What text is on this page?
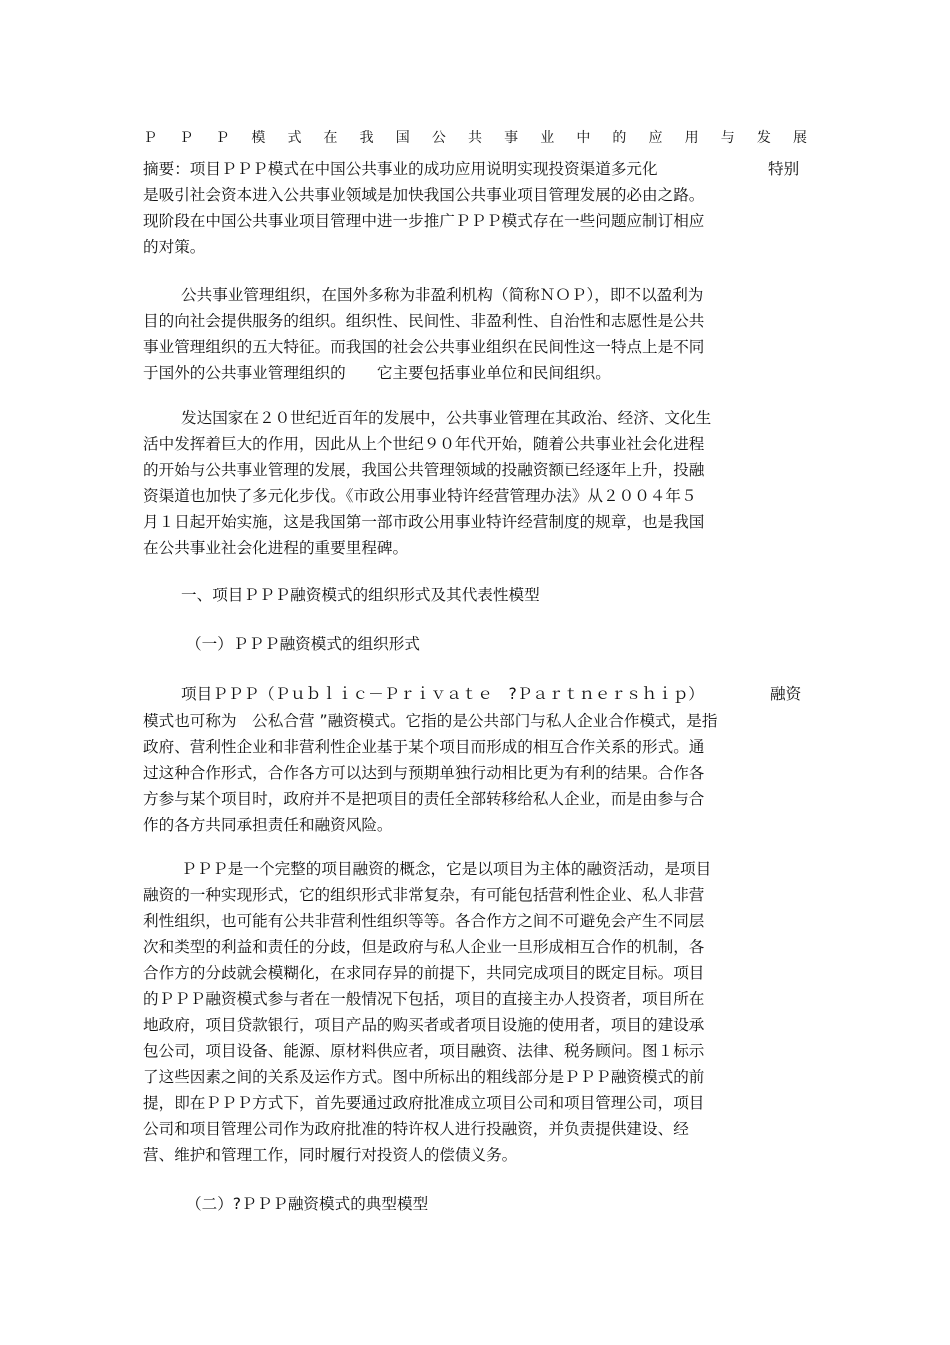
Ｐ Ｐ Ｐ 模 式 在 我 国 公 共 事 业 中 的 应 用 与 发 展
摘要：项目ＰＰＰ模式在中国公共事业的成功应用说明实现投资渠道多元化	特别
是吸引社会资本进入公共事业领域是加快我国公共事业项目管理发展的必由之路。
现阶段在中国公共事业项目管理中进一步推广ＰＰＰ模式存在一些问题应制订相应
的对策。
公共事业管理组织，在国外多称为非盈利机构（简称ＮＯＰ），即不以盈利为
目的向社会提供服务的组织。组织性、民间性、非盈利性、自治性和志愿性是公共
事业管理组织的五大特征。而我国的社会公共事业组织在民间性这一特点上是不同
于国外的公共事业管理组织的　　它主要包括事业单位和民间组织。
发达国家在２０世纪近百年的发展中，公共事业管理在其政治、经济、文化生
活中发挥着巨大的作用，因此从上个世纪９０年代开始，随着公共事业社会化进程
的开始与公共事业管理的发展，我国公共管理领域的投融资额已经逐年上升，投融
资渠道也加快了多元化步伐。《市政公用事业特许经营管理办法》从２００４年５
月１日起开始实施，这是我国第一部市政公用事业特许经营制度的规章，也是我国
在公共事业社会化进程的重要里程碑。
一、项目ＰＰＰ融资模式的组织形式及其代表性模型
（一）ＰＰＰ融资模式的组织形式
项目ＰＰＰ（Ｐｕｂｌｉｃ－Ｐｒｉｖａｔｅ　?Ｐａｒｔｎｅｒｓｈｉｐ）	融资
模式也可称为　公私合营 ”融资模式。它指的是公共部门与私人企业合作模式，是指
政府、营利性企业和非营利性企业基于某个项目而形成的相互合作关系的形式。通
过这种合作形式，合作各方可以达到与预期单独行动相比更为有利的结果。合作各
方参与某个项目时，政府并不是把项目的责任全部转移给私人企业，而是由参与合
作的各方共同承担责任和融资风险。
ＰＰＰ是一个完整的项目融资的概念，它是以项目为主体的融资活动，是项目
融资的一种实现形式，它的组织形式非常复杂，有可能包括营利性企业、私人非营
利性组织，也可能有公共非营利性组织等等。各合作方之间不可避免会产生不同层
次和类型的利益和责任的分歧，但是政府与私人企业一旦形成相互合作的机制，各
合作方的分歧就会模糊化，在求同存异的前提下，共同完成项目的既定目标。项目
的ＰＰＰ融资模式参与者在一般情况下包括，项目的直接主办人投资者，项目所在
地政府，项目贷款银行，项目产品的购买者或者项目设施的使用者，项目的建设承
包公司，项目设备、能源、原材料供应者，项目融资、法律、税务顾问。图１标示
了这些因素之间的关系及运作方式。图中所标出的粗线部分是ＰＰＰ融资模式的前
提，即在ＰＰＰ方式下，首先要通过政府批准成立项目公司和项目管理公司，项目
公司和项目管理公司作为政府批准的特许权人进行投融资，并负责提供建设、经
营、维护和管理工作，同时履行对投资人的偿债义务。
（二）?ＰＰＰ融资模式的典型模型
